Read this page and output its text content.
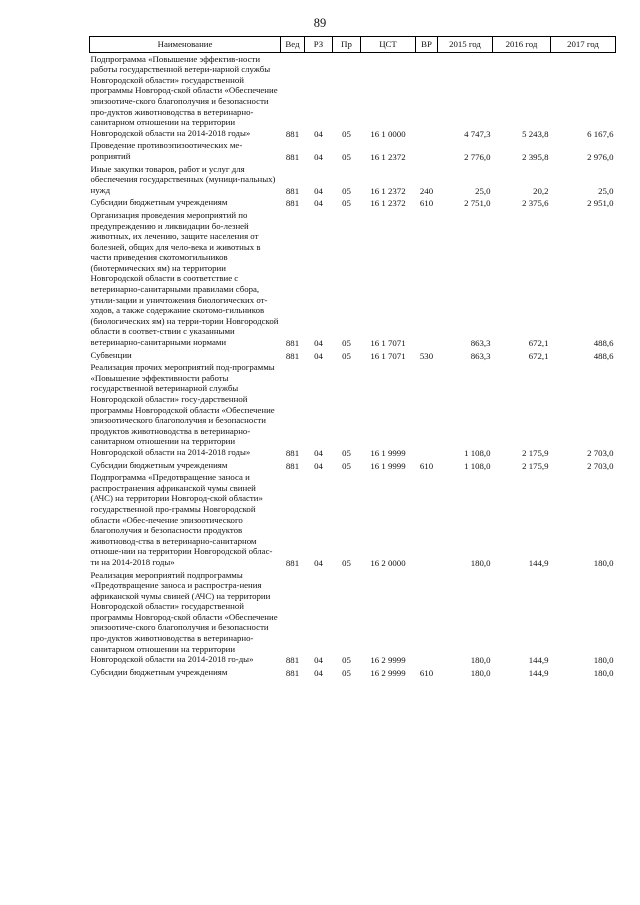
89
Наименование	Вед	РЗ	Пр	ЦСТ	ВР	2015 год	2016 год	2017 год
Подпрограмма «Повышение эффектив-ности работы государственной ветери-нарной службы Новгородской области» государственной программы Новгород-ской области «Обеспечение эпизоотиче-ского благополучия и безопасности про-дуктов животноводства в ветеринарно-санитарном отношении на территории Новгородской области на 2014-2018 годы»	881	04	05	16 1 0000		4 747,3	5 243,8	6 167,6
Проведение противоэпизоотических ме-роприятий	881	04	05	16 1 2372		2 776,0	2 395,8	2 976,0
Иные закупки товаров, работ и услуг для обеспечения государственных (муници-пальных) нужд	881	04	05	16 1 2372	240	25,0	20,2	25,0
Субсидии бюджетным учреждениям	881	04	05	16 1 2372	610	2 751,0	2 375,6	2 951,0
Организация проведения мероприятий по предупреждению и ликвидации бо-лезней животных, их лечению, защите населения от болезней, общих для чело-века и животных в части приведения скотомогильников (биотермических ям) на территории Новгородской области в соответствие с ветеринарно-санитарными правилами сбора, утили-зации и уничтожения биологических от-ходов, а также содержание скотомо-гильников (биологических ям) на терри-тории Новгородской области в соответ-ствии с указанными ветеринарно-санитарными нормами	881	04	05	16 1 7071		863,3	672,1	488,6
Субвенции	881	04	05	16 1 7071	530	863,3	672,1	488,6
Реализация прочих мероприятий под-программы «Повышение эффективности работы государственной ветеринарной службы Новгородской области» госу-дарственной программы Новгородской области «Обеспечение эпизоотического благополучия и безопасности продуктов животноводства в ветеринарно-санитарном отношении на территории Новгородской области на 2014-2018 годы»	881	04	05	16 1 9999		1 108,0	2 175,9	2 703,0
Субсидии бюджетным учреждениям	881	04	05	16 1 9999	610	1 108,0	2 175,9	2 703,0
Подпрограмма «Предотвращение заноса и распространения африканской чумы свиней (АЧС) на территории Новгород-ской области» государственной про-граммы Новгородской области «Обес-печение эпизоотического благополучия и безопасности продуктов животновод-ства в ветеринарно-санитарном отноше-нии на территории Новгородской облас-ти на 2014-2018 годы»	881	04	05	16 2 0000		180,0	144,9	180,0
Реализация мероприятий подпрограммы «Предотвращение заноса и распростра-нения африканской чумы свиней (АЧС) на территории Новгородской области» государственной программы Новгород-ской области «Обеспечение эпизоотиче-ского благополучия и безопасности про-дуктов животноводства в ветеринарно-санитарном отношении на территории Новгородской области на 2014-2018 го-ды»	881	04	05	16 2 9999		180,0	144,9	180,0
Субсидии бюджетным учреждениям	881	04	05	16 2 9999	610	180,0	144,9	180,0
